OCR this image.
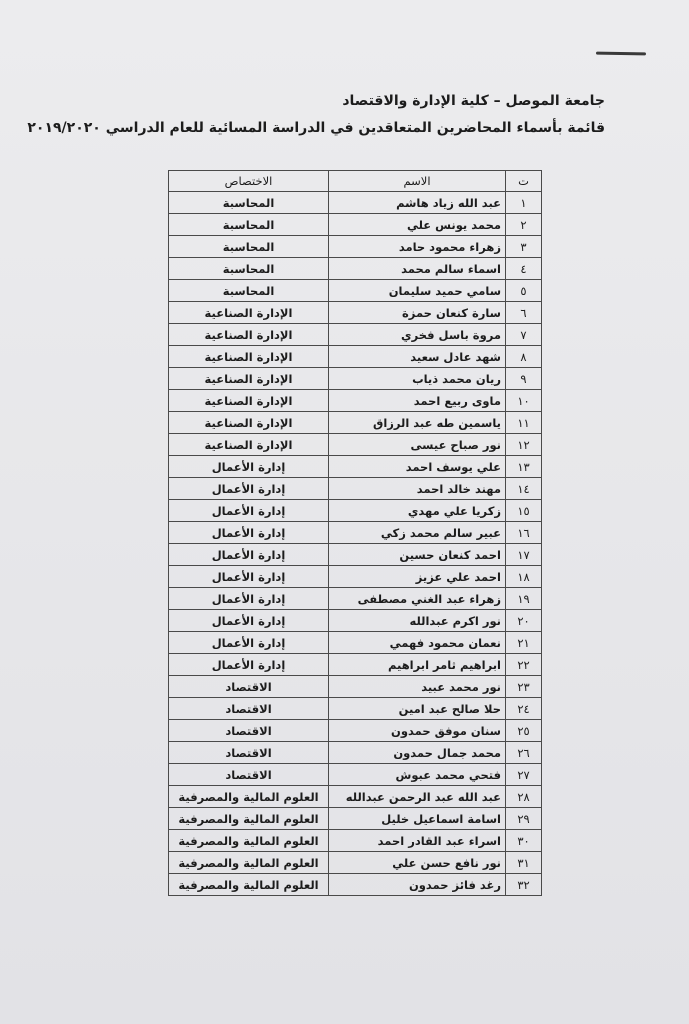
جامعة الموصل – كلية الإدارة والاقتصاد
قائمة بأسماء المحاضرين المتعاقدين في الدراسة المسائية للعام الدراسي ٢٠١٩/٢٠٢٠
ت	الاسم	الاختصاص
١	عبد الله زياد هاشم	المحاسبة
٢	محمد يونس علي	المحاسبة
٣	زهراء محمود حامد	المحاسبة
٤	اسماء سالم محمد	المحاسبة
٥	سامي حميد سليمان	المحاسبة
٦	سارة كنعان حمزة	الإدارة الصناعية
٧	مروة باسل فخري	الإدارة الصناعية
٨	شهد عادل سعيد	الإدارة الصناعية
٩	ريان محمد ذياب	الإدارة الصناعية
١٠	ماوى ربيع احمد	الإدارة الصناعية
١١	ياسمين طه عبد الرزاق	الإدارة الصناعية
١٢	نور صباح عيسى	الإدارة الصناعية
١٣	علي يوسف احمد	إدارة الأعمال
١٤	مهند خالد احمد	إدارة الأعمال
١٥	زكريا علي مهدي	إدارة الأعمال
١٦	عبير سالم محمد زكي	إدارة الأعمال
١٧	احمد كنعان حسين	إدارة الأعمال
١٨	احمد علي عزيز	إدارة الأعمال
١٩	زهراء عبد الغني مصطفى	إدارة الأعمال
٢٠	نور اكرم عبدالله	إدارة الأعمال
٢١	نعمان محمود فهمي	إدارة الأعمال
٢٢	ابراهيم ثامر ابراهيم	إدارة الأعمال
٢٣	نور محمد عبيد	الاقتصاد
٢٤	حلا صالح عبد امين	الاقتصاد
٢٥	سنان موفق حمدون	الاقتصاد
٢٦	محمد جمال حمدون	الاقتصاد
٢٧	فتحي محمد عبوش	الاقتصاد
٢٨	عبد الله عبد الرحمن عبدالله	العلوم المالية والمصرفية
٢٩	اسامة اسماعيل خليل	العلوم المالية والمصرفية
٣٠	اسراء عبد القادر احمد	العلوم المالية والمصرفية
٣١	نور نافع حسن علي	العلوم المالية والمصرفية
٣٢	رغد فائز حمدون	العلوم المالية والمصرفية
